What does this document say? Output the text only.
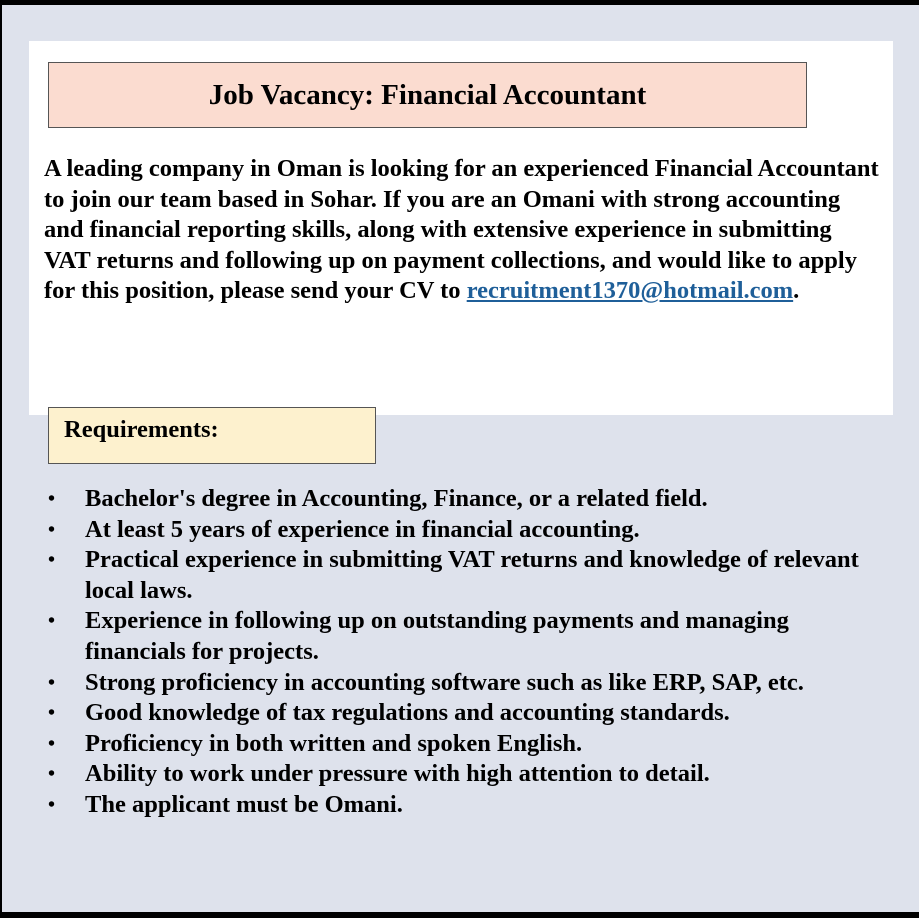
Job Vacancy: Financial Accountant

A leading company in Oman is looking for an experienced Financial Accountant to join our team based in Sohar. If you are an Omani with strong accounting and financial reporting skills, along with extensive experience in submitting VAT returns and following up on payment collections, and would like to apply for this position, please send your CV to recruitment1370@hotmail.com.

Requirements:
• Bachelor's degree in Accounting, Finance, or a related field.
• At least 5 years of experience in financial accounting.
• Practical experience in submitting VAT returns and knowledge of relevant local laws.
• Experience in following up on outstanding payments and managing financials for projects.
• Strong proficiency in accounting software such as like ERP, SAP, etc.
• Good knowledge of tax regulations and accounting standards.
• Proficiency in both written and spoken English.
• Ability to work under pressure with high attention to detail.
• The applicant must be Omani.
